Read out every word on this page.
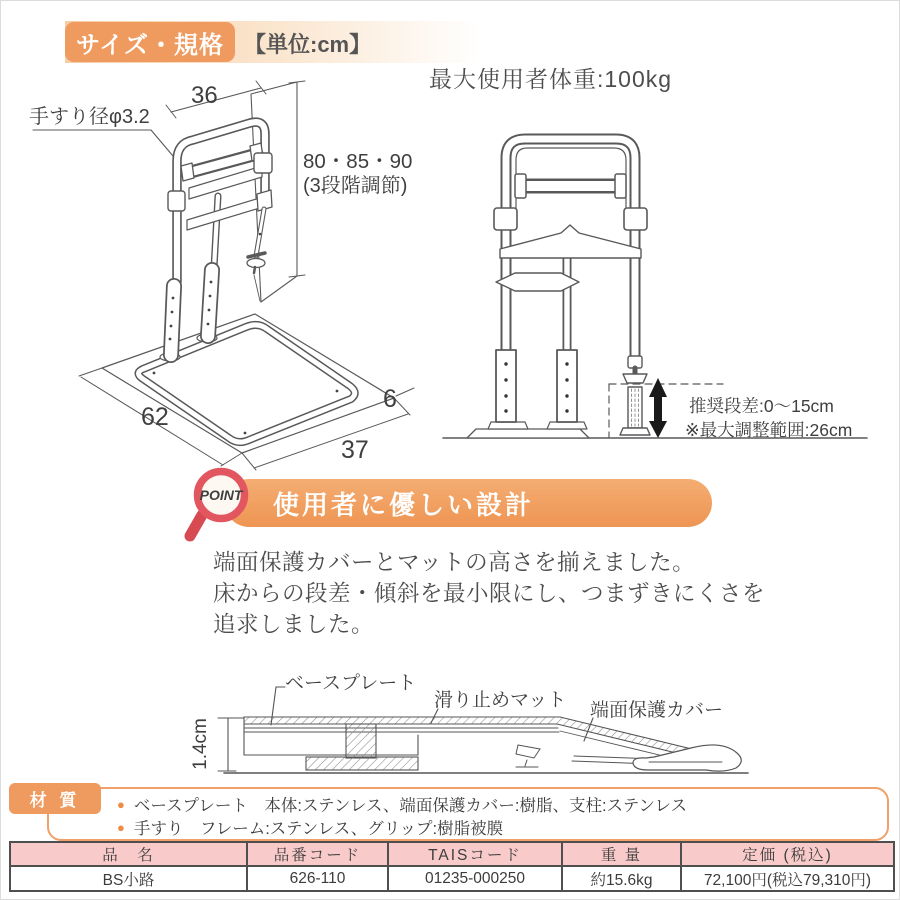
サイズ・規格 【単位:cm】
最大使用者体重:100kg
36
手すり径φ3.2
80・85・90
(3段階調節)
62
37
6	推奨段差:0〜15cm
※最大調整範囲:26cm
使用者に優しい設計
POINT
端面保護カバーとマットの高さを揃えました。
床からの段差・傾斜を最小限にし、つまずきにくさを
追求しました。
ベースプレート
滑り止めマット 端面保護カバー
1.4cm
● ベースプレート　本体:ステンレス、端面保護カバー:樹脂、支柱:ステンレス
● 手すり　フレーム:ステンレス、グリップ:樹脂被膜
材 質
品　名	品番コード	TAISコード	重 量	定価 (税込)
BS小路	626-110	01235-000250	約15.6kg	72,100円(税込79,310円)
